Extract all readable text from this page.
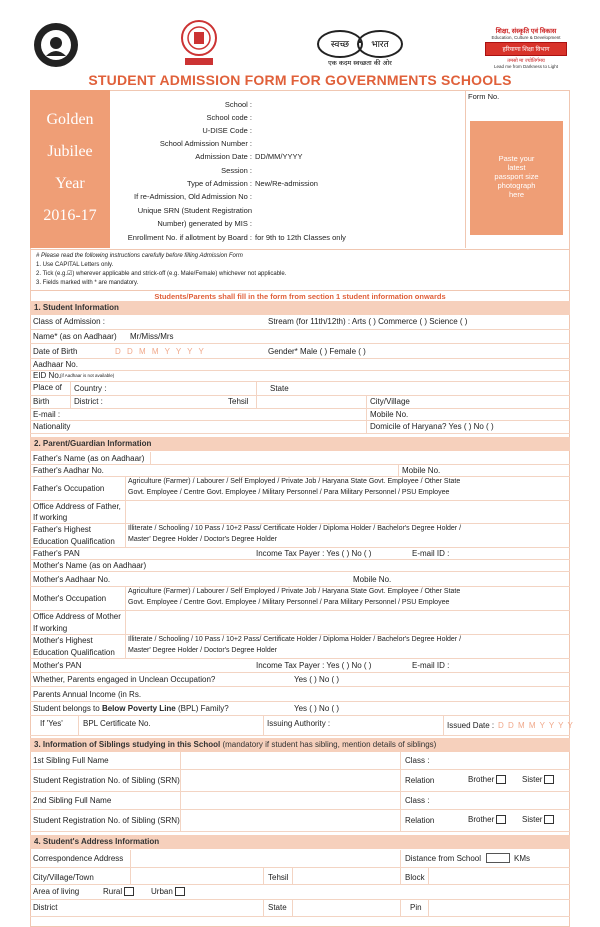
स्वच्छ भारत
एक कदम स्वच्छता की ओर
शिक्षा, संस्कृति एवं विकास
Education, Culture & Development
हरियाणा शिक्षा विभाग
तमसो मा ज्योतिर्गमय
Lead me from Darkness to Light
STUDENT ADMISSION FORM FOR GOVERNMENTS SCHOOLS
Golden
Jubilee
Year
2016-17
School :
School code :
U-DISE Code :
School Admission Number :
Admission Date : DD/MM/YYYY
Session :
Type of Admission : New/Re-admission
If re-Admission, Old Admission No :
Unique SRN (Student Registration
Number) generated by MIS :
Enrollment No. if allotment by Board : for 9th to 12th Classes only
Form No.
Paste your
latest
passport size
photograph
here
# Please read the following instructions carefully before filling Admission Form
1. Use CAPITAL Letters only.
2. Tick (e.g.☑) wherever applicable and strick-off (e.g. Male/Female) whichever not applicable.
3. Fields marked with * are mandatory.
Students/Parents shall fill in the form from section 1 student information onwards
1. Student Information
Class of Admission :	Stream (for 11th/12th) : Arts ( ) Commerce ( ) Science ( )
Name* (as on Aadhaar) Mr/Miss/Mrs
Date of Birth	D D M M Y Y Y Y	Gender* Male ( ) Female ( )
Aadhaar No.
EID No.
(if Aadhaar is not available)
Place of Country :	State
Birth	District :	Tehsil	City/Village
E-mail :	Mobile No.
Nationality	Domicile of Haryana? Yes ( ) No ( )
2. Parent/Guardian Information
Father's Name (as on Aadhaar)
Father's Aadhar No.	Mobile No.
Father's Occupation
Agriculture (Farmer) / Labourer / Self Employed / Private Job / Haryana State Govt. Employee / Other State
Govt. Employee / Centre Govt. Employee / Military Personnel / Para Military Personnel / PSU Employee
Office Address of Father,
If working
Father's Highest
Education Qualification
Illiterate / Schooling / 10 Pass / 10+2 Pass/ Certificate Holder / Diploma Holder / Bachelor's Degree Holder /
Master' Degree Holder / Doctor's Degree Holder
Father's PAN	Income Tax Payer : Yes ( ) No ( )	E-mail ID :
Mother's Name (as on Aadhaar)
Mother's Aadhaar No.	Mobile No.
Mother's Occupation
Agriculture (Farmer) / Labourer / Self Employed / Private Job / Haryana State Govt. Employee / Other State
Govt. Employee / Centre Govt. Employee / Military Personnel / Para Military Personnel / PSU Employee
Office Address of Mother
If working
Mother's Highest
Education Qualification
Illiterate / Schooling / 10 Pass / 10+2 Pass/ Certificate Holder / Diploma Holder / Bachelor's Degree Holder /
Master' Degree Holder / Doctor's Degree Holder
Mother's PAN	Income Tax Payer : Yes ( ) No ( )	E-mail ID :
Whether, Parents engaged in Unclean Occupation?	Yes ( ) No ( )
Parents Annual Income (in Rs.
Student belongs to Below Poverty Line (BPL) Family?	Yes ( ) No ( )
If 'Yes'	BPL Certificate No.	Issuing Authority :	Issued Date : D D M M Y Y Y Y
3. Information of Siblings studying in this School (mandatory if student has sibling, mention details of siblings)
1st Sibling Full Name	Class :
Student Registration No. of Sibling (SRN)	Relation	Brother	Sister
2nd Sibling Full Name	Class :
Student Registration No. of Sibling (SRN)	Relation	Brother	Sister
4. Student's Address Information
Correspondence Address	Distance from School	KMs
City/Village/Town	Tehsil	Block
Area of living	Rural	Urban
District	State	Pin
